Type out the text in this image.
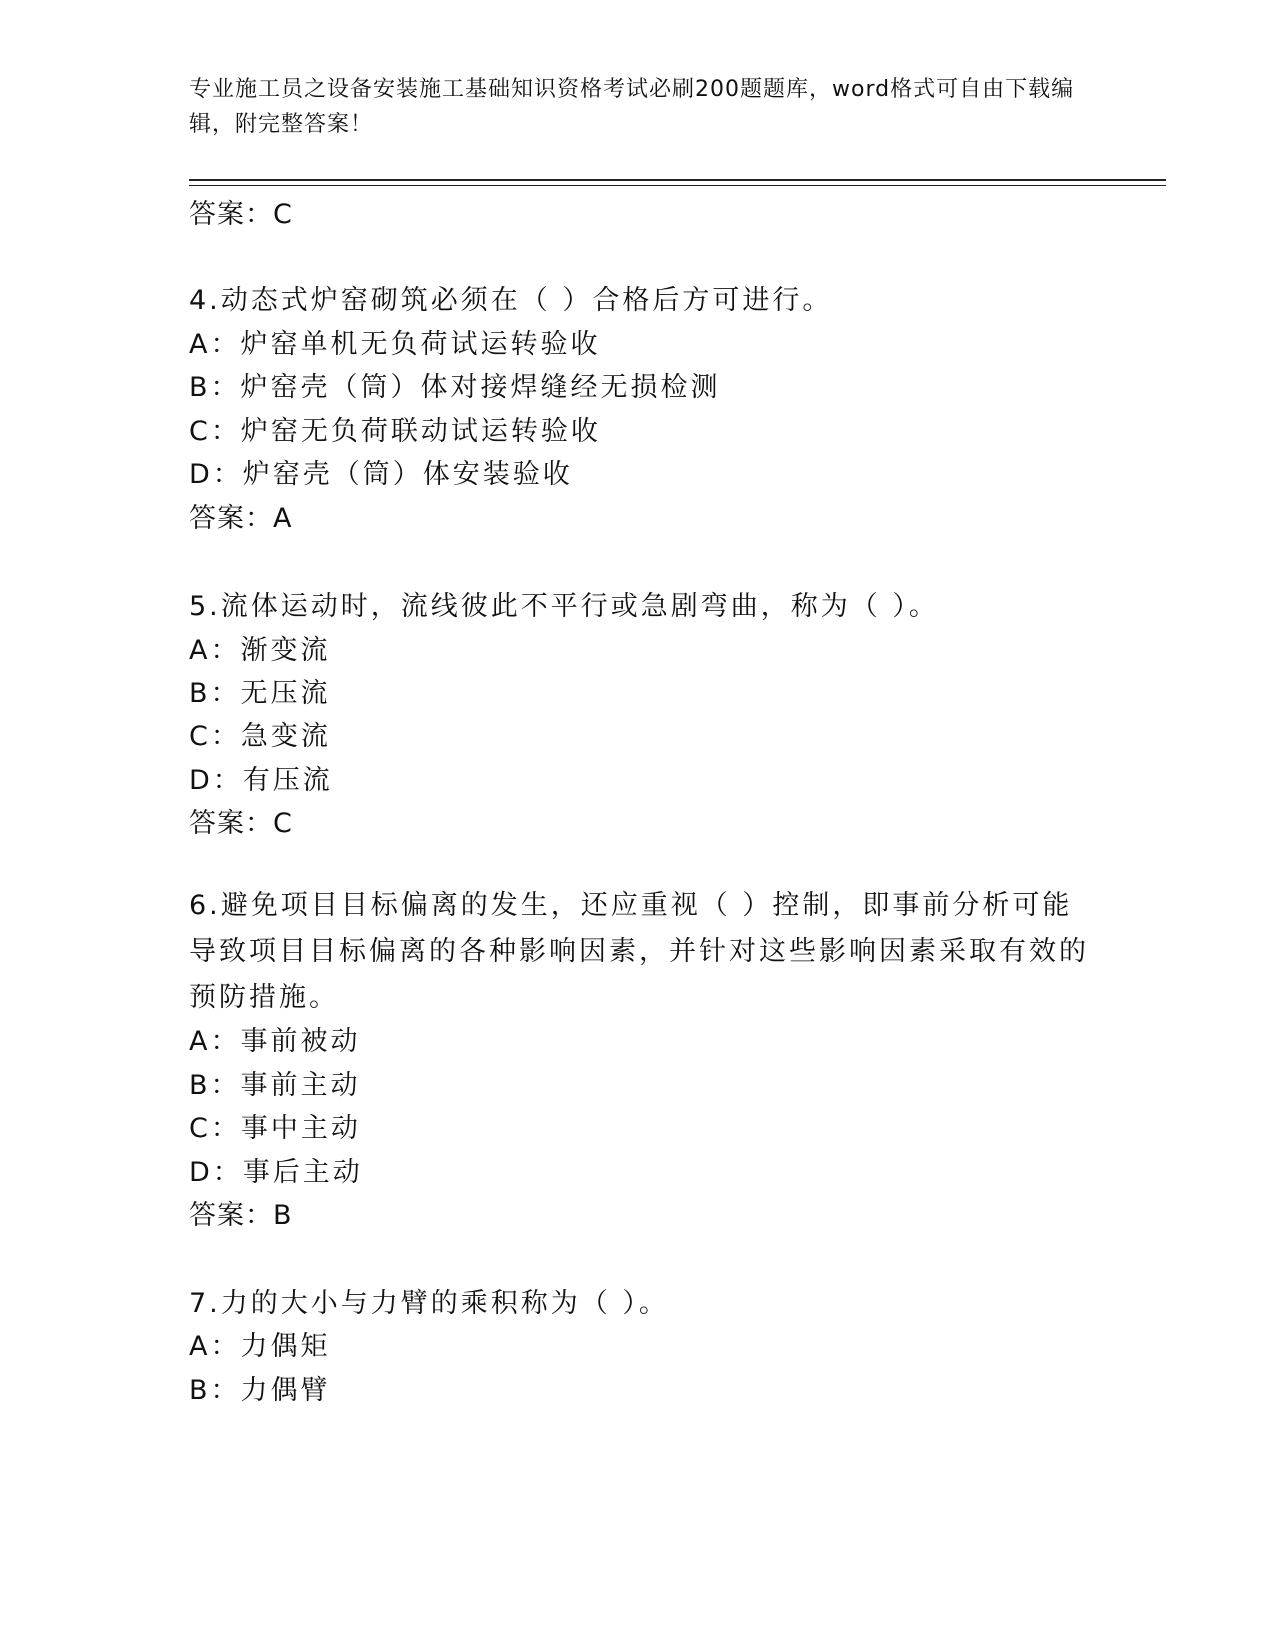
专业施工员之设备安装施工基础知识资格考试必刷200题题库，word格式可自由下载编辑，附完整答案！
答案：C
4.动态式炉窑砌筑必须在（ ）合格后方可进行。
A：炉窑单机无负荷试运转验收
B：炉窑壳（筒）体对接焊缝经无损检测
C：炉窑无负荷联动试运转验收
D：炉窑壳（筒）体安装验收
答案：A
5.流体运动时，流线彼此不平行或急剧弯曲，称为（ ）。
A：渐变流
B：无压流
C：急变流
D：有压流
答案：C
6.避免项目目标偏离的发生，还应重视（ ）控制，即事前分析可能导致项目目标偏离的各种影响因素，并针对这些影响因素采取有效的预防措施。
A：事前被动
B：事前主动
C：事中主动
D：事后主动
答案：B
7.力的大小与力臂的乘积称为（ ）。
A：力偶矩
B：力偶臂
